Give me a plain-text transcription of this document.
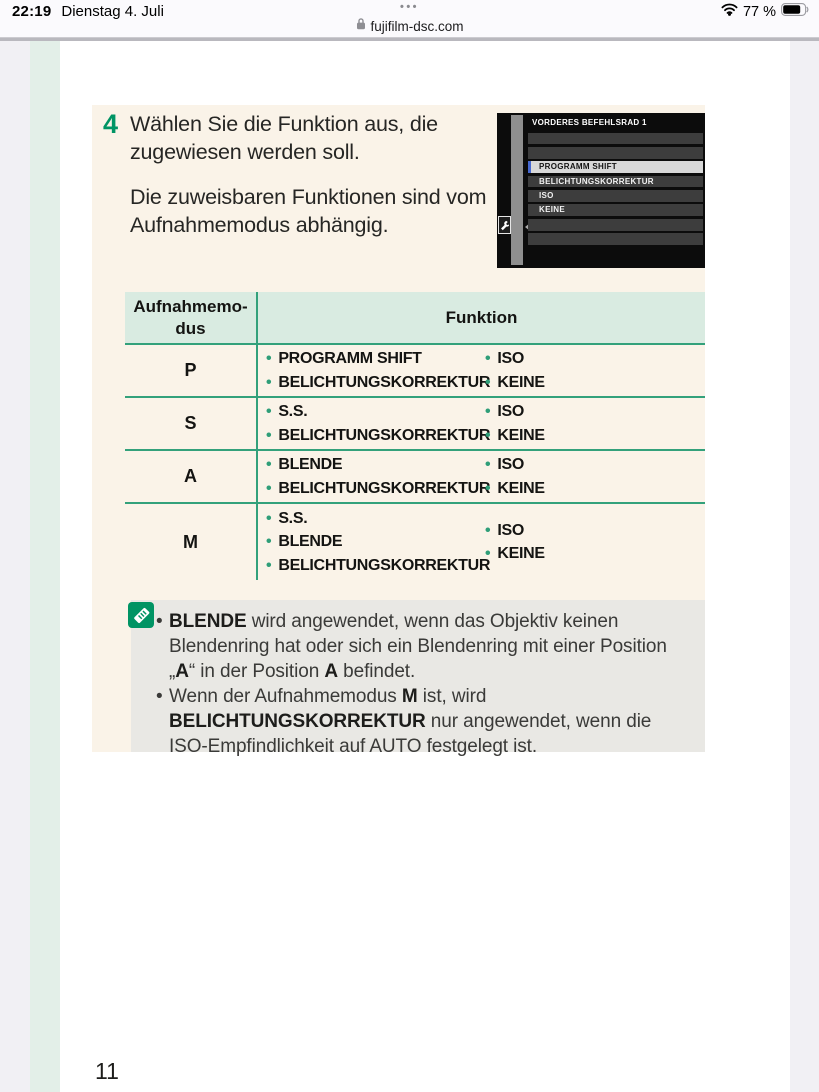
22:19 Dienstag 4. Juli	•••
fujifilm-dsc.com
77 %
4 Wählen Sie die Funktion aus, die zugewiesen werden soll.

Die zuweisbaren Funktionen sind vom Aufnahmemodus abhängig.

VORDERES BEFEHLSRAD 1
PROGRAMM SHIFT
BELICHTUNGSKORREKTUR
ISO
KEINE
Aufnahmemo-
dus
Funktion
P
• PROGRAMM SHIFT
• BELICHTUNGSKORREKTUR
• ISO
• KEINE
S
• S.S.
• BELICHTUNGSKORREKTUR
• ISO
• KEINE
A
• BLENDE
• BELICHTUNGSKORREKTUR
• ISO
• KEINE
M
• S.S.
• BLENDE
• BELICHTUNGSKORREKTUR
• ISO
• KEINE
• BLENDE wird angewendet, wenn das Objektiv keinen Blendenring hat oder sich ein Blendenring mit einer Position „A“ in der Position A befindet.
• Wenn der Aufnahmemodus M ist, wird BELICHTUNGSKORREKTUR nur angewendet, wenn die ISO-Empfindlichkeit auf AUTO festgelegt ist.
11
